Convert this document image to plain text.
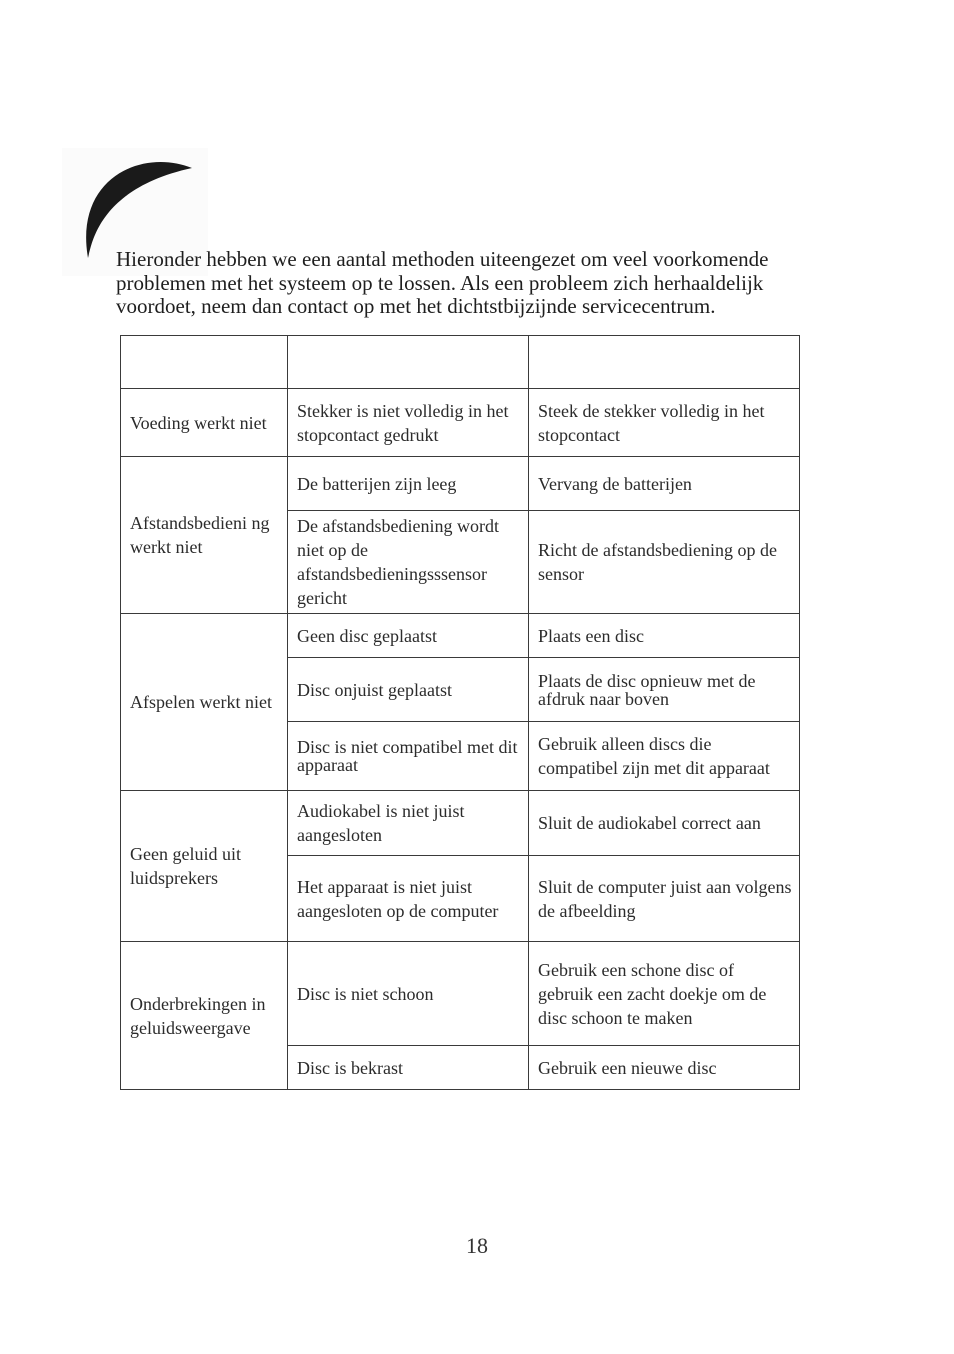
Hieronder hebben we een aantal methoden uiteengezet om veel voorkomende
problemen met het systeem op te lossen. Als een probleem zich herhaaldelijk
voordoet, neem dan contact op met het dichtstbijzijnde servicecentrum.

Voeding werkt niet	Stekker is niet volledig in het stopcontact gedrukt	Steek de stekker volledig in het stopcontact
Afstandsbedieni ng werkt niet	De batterijen zijn leeg	Vervang de batterijen
	De afstandsbediening wordt niet op de afstandsbedieningsssensor gericht	Richt de afstandsbediening op de sensor
Afspelen werkt niet	Geen disc geplaatst	Plaats een disc
	Disc onjuist geplaatst	Plaats de disc opnieuw met de afdruk naar boven
	Disc is niet compatibel met dit apparaat	Gebruik alleen discs die compatibel zijn met dit apparaat
Geen geluid uit luidsprekers	Audiokabel is niet juist aangesloten	Sluit de audiokabel correct aan
	Het apparaat is niet juist aangesloten op de computer	Sluit de computer juist aan volgens de afbeelding
Onderbrekingen in geluidsweergave	Disc is niet schoon	Gebruik een schone disc of gebruik een zacht doekje om de disc schoon te maken
	Disc is bekrast	Gebruik een nieuwe disc
18
